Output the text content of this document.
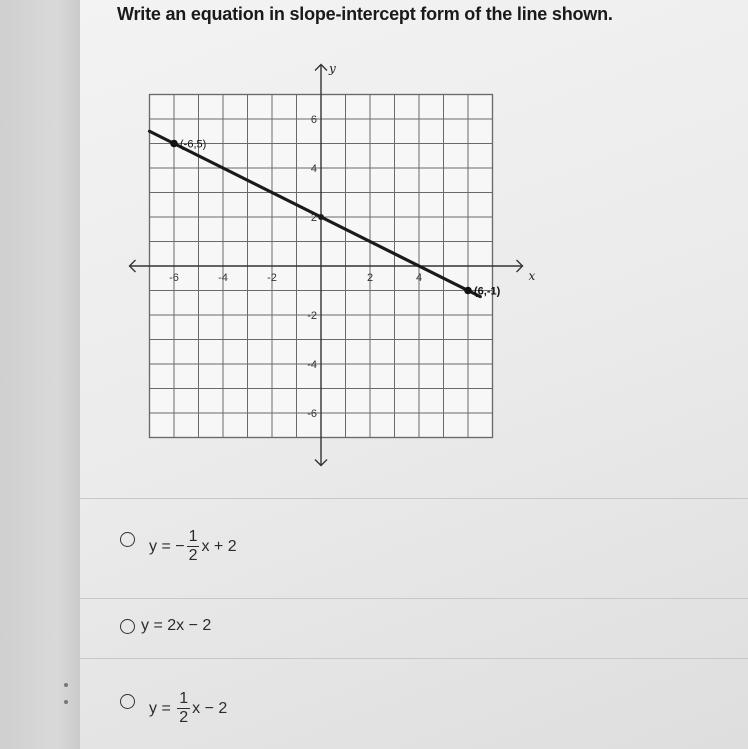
Write an equation in slope-intercept form of the line shown.
x
y
-6	-4	-2	2	4
6
4
2
-2
-4
-6
(-6,5)
(6,-1)
y = − $\frac{1}{2}$ x + 2
y = 2x − 2
$y = \frac{1}{2}$ x − 2
